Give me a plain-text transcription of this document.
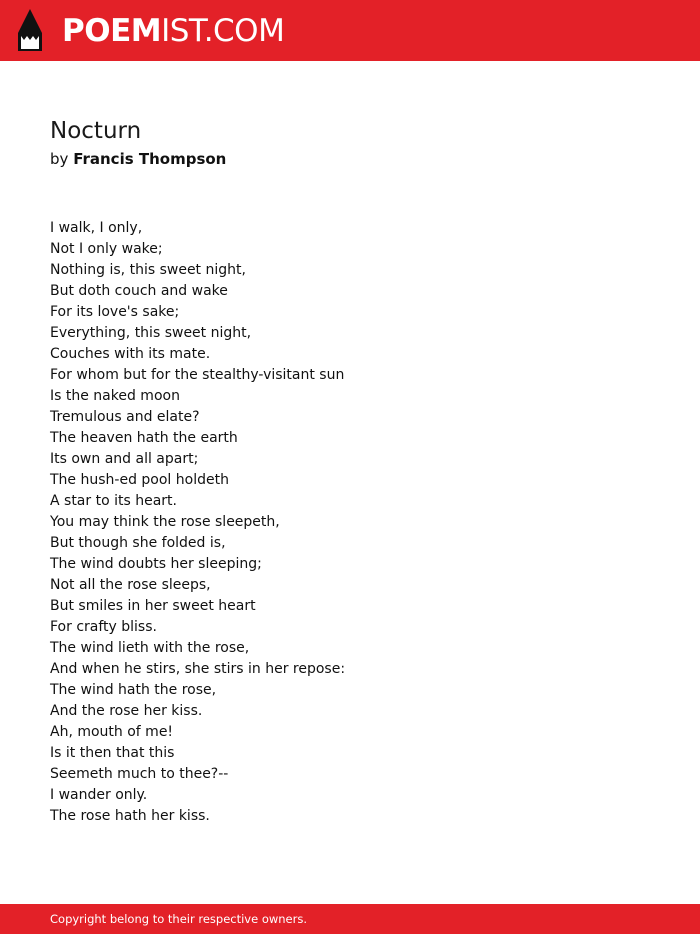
POEMIST.COM
Nocturn
by Francis Thompson
I walk, I only,
Not I only wake;
Nothing is, this sweet night,
But doth couch and wake
For its love's sake;
Everything, this sweet night,
Couches with its mate.
For whom but for the stealthy-visitant sun
Is the naked moon
Tremulous and elate?
The heaven hath the earth
Its own and all apart;
The hush-ed pool holdeth
A star to its heart.
You may think the rose sleepeth,
But though she folded is,
The wind doubts her sleeping;
Not all the rose sleeps,
But smiles in her sweet heart
For crafty bliss.
The wind lieth with the rose,
And when he stirs, she stirs in her repose:
The wind hath the rose,
And the rose her kiss.
Ah, mouth of me!
Is it then that this
Seemeth much to thee?--
I wander only.
The rose hath her kiss.
Copyright belong to their respective owners.
